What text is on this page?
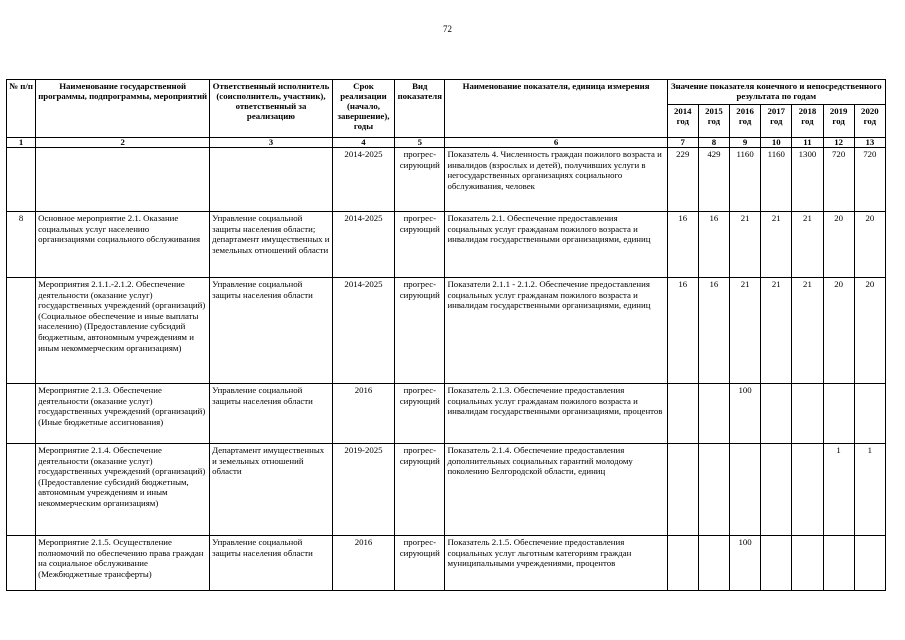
72
№ п/п	Наименование государственной программы, подпрограммы, мероприятий	Ответственный исполнитель (соисполнитель, участник), ответственный за реализацию	Срок реализации (начало, завершение), годы	Вид показателя	Наименование показателя, единица измерения	Значение показателя конечного и непосредственного результата по годам						
						2014 год	2015 год	2016 год	2017 год	2018 год	2019 год	2020 год
1	2	3	4	5	6	7	8	9	10	11	12	13
			2014-2025	прогрес-сирующий	Показатель 4. Численность граждан пожилого возраста и инвалидов (взрослых и детей), получивших услуги в негосударственных организациях социального обслуживания, человек	229	429	1160	1160	1300	720	720
8	Основное мероприятие 2.1. Оказание социальных услуг населению организациями социального обслуживания	Управление социальной защиты населения области; департамент имущественных и земельных отношений области	2014-2025	прогрес-сирующий	Показатель 2.1. Обеспечение предоставления социальных услуг гражданам пожилого возраста и инвалидам государственными организациями, единиц	16	16	21	21	21	20	20
	Мероприятия 2.1.1.-2.1.2. Обеспечение деятельности (оказание услуг) государственных учреждений (организаций) (Социальное обеспечение и иные выплаты населению) (Предоставление субсидий бюджетным, автономным учреждениям и иным некоммерческим организациям)	Управление социальной защиты населения области	2014-2025	прогрес-сирующий	Показатели 2.1.1 - 2.1.2. Обеспечение предоставления социальных услуг гражданам пожилого возраста и инвалидам государственными организациями, единиц	16	16	21	21	21	20	20
	Мероприятие 2.1.3. Обеспечение деятельности (оказание услуг) государственных учреждений (организаций) (Иные бюджетные ассигнования)	Управление социальной защиты населения области	2016	прогрес-сирующий	Показатель 2.1.3. Обеспечение предоставления социальных услуг гражданам пожилого возраста и инвалидам государственными организациями, процентов			100				
	Мероприятие 2.1.4. Обеспечение деятельности (оказание услуг) государственных учреждений (организаций) (Предоставление субсидий бюджетным, автономным учреждениям и иным некоммерческим организациям)	Департамент имущественных и земельных отношений области	2019-2025	прогрес-сирующий	Показатель 2.1.4. Обеспечение предоставления дополнительных социальных гарантий молодому поколению Белгородской области, единиц						1	1
	Мероприятие 2.1.5. Осуществление полномочий по обеспечению права граждан на социальное обслуживание (Межбюджетные трансферты)	Управление социальной защиты населения области	2016	прогрес-сирующий	Показатель 2.1.5. Обеспечение предоставления социальных услуг льготным категориям граждан муниципальными учреждениями, процентов			100				
